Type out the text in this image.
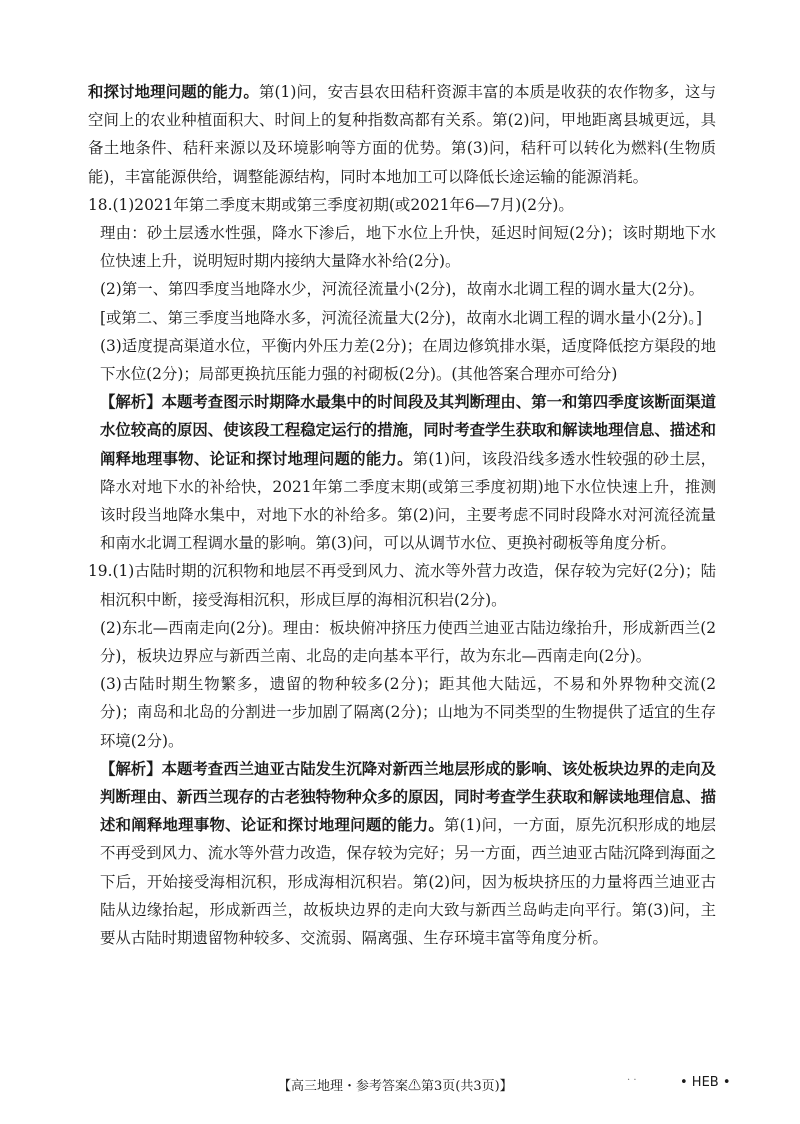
和探讨地理问题的能力。第(1)问，安吉县农田秸秆资源丰富的本质是收获的农作物多，这与空间上的农业种植面积大、时间上的复种指数高都有关系。第(2)问，甲地距离县城更远，具备土地条件、秸秆来源以及环境影响等方面的优势。第(3)问，秸秆可以转化为燃料(生物质能)，丰富能源供给，调整能源结构，同时本地加工可以降低长途运输的能源消耗。

18.(1)2021年第二季度末期或第三季度初期(或2021年6—7月)(2分)。

理由：砂土层透水性强，降水下渗后，地下水位上升快，延迟时间短(2分)；该时期地下水位快速上升，说明短时期内接纳大量降水补给(2分)。

(2)第一、第四季度当地降水少，河流径流量小(2分)，故南水北调工程的调水量大(2分)。

[或第二、第三季度当地降水多，河流径流量大(2分)，故南水北调工程的调水量小(2分)。]

(3)适度提高渠道水位，平衡内外压力差(2分)；在周边修筑排水渠，适度降低挖方渠段的地下水位(2分)；局部更换抗压能力强的衬砌板(2分)。(其他答案合理亦可给分)

【解析】本题考查图示时期降水最集中的时间段及其判断理由、第一和第四季度该断面渠道水位较高的原因、使该段工程稳定运行的措施，同时考查学生获取和解读地理信息、描述和阐释地理事物、论证和探讨地理问题的能力。第(1)问，该段沿线多透水性较强的砂土层，降水对地下水的补给快，2021年第二季度末期(或第三季度初期)地下水位快速上升，推测该时段当地降水集中，对地下水的补给多。第(2)问，主要考虑不同时段降水对河流径流量和南水北调工程调水量的影响。第(3)问，可以从调节水位、更换衬砌板等角度分析。

19.(1)古陆时期的沉积物和地层不再受到风力、流水等外营力改造，保存较为完好(2分)；陆相沉积中断，接受海相沉积，形成巨厚的海相沉积岩(2分)。

(2)东北—西南走向(2分)。理由：板块俯冲挤压力使西兰迪亚古陆边缘抬升，形成新西兰(2分)，板块边界应与新西兰南、北岛的走向基本平行，故为东北—西南走向(2分)。

(3)古陆时期生物繁多，遗留的物种较多(2分)；距其他大陆远，不易和外界物种交流(2分)；南岛和北岛的分割进一步加剧了隔离(2分)；山地为不同类型的生物提供了适宜的生存环境(2分)。

【解析】本题考查西兰迪亚古陆发生沉降对新西兰地层形成的影响、该处板块边界的走向及判断理由、新西兰现存的古老独特物种众多的原因，同时考查学生获取和解读地理信息、描述和阐释地理事物、论证和探讨地理问题的能力。第(1)问，一方面，原先沉积形成的地层不再受到风力、流水等外营力改造，保存较为完好；另一方面，西兰迪亚古陆沉降到海面之下后，开始接受海相沉积，形成海相沉积岩。第(2)问，因为板块挤压的力量将西兰迪亚古陆从边缘抬起，形成新西兰，故板块边界的走向大致与新西兰岛屿走向平行。第(3)问，主要从古陆时期遗留物种较多、交流弱、隔离强、生存环境丰富等角度分析。

【高三地理・参考答案⚠第3页(共3页)】	· ·	• HEB •
